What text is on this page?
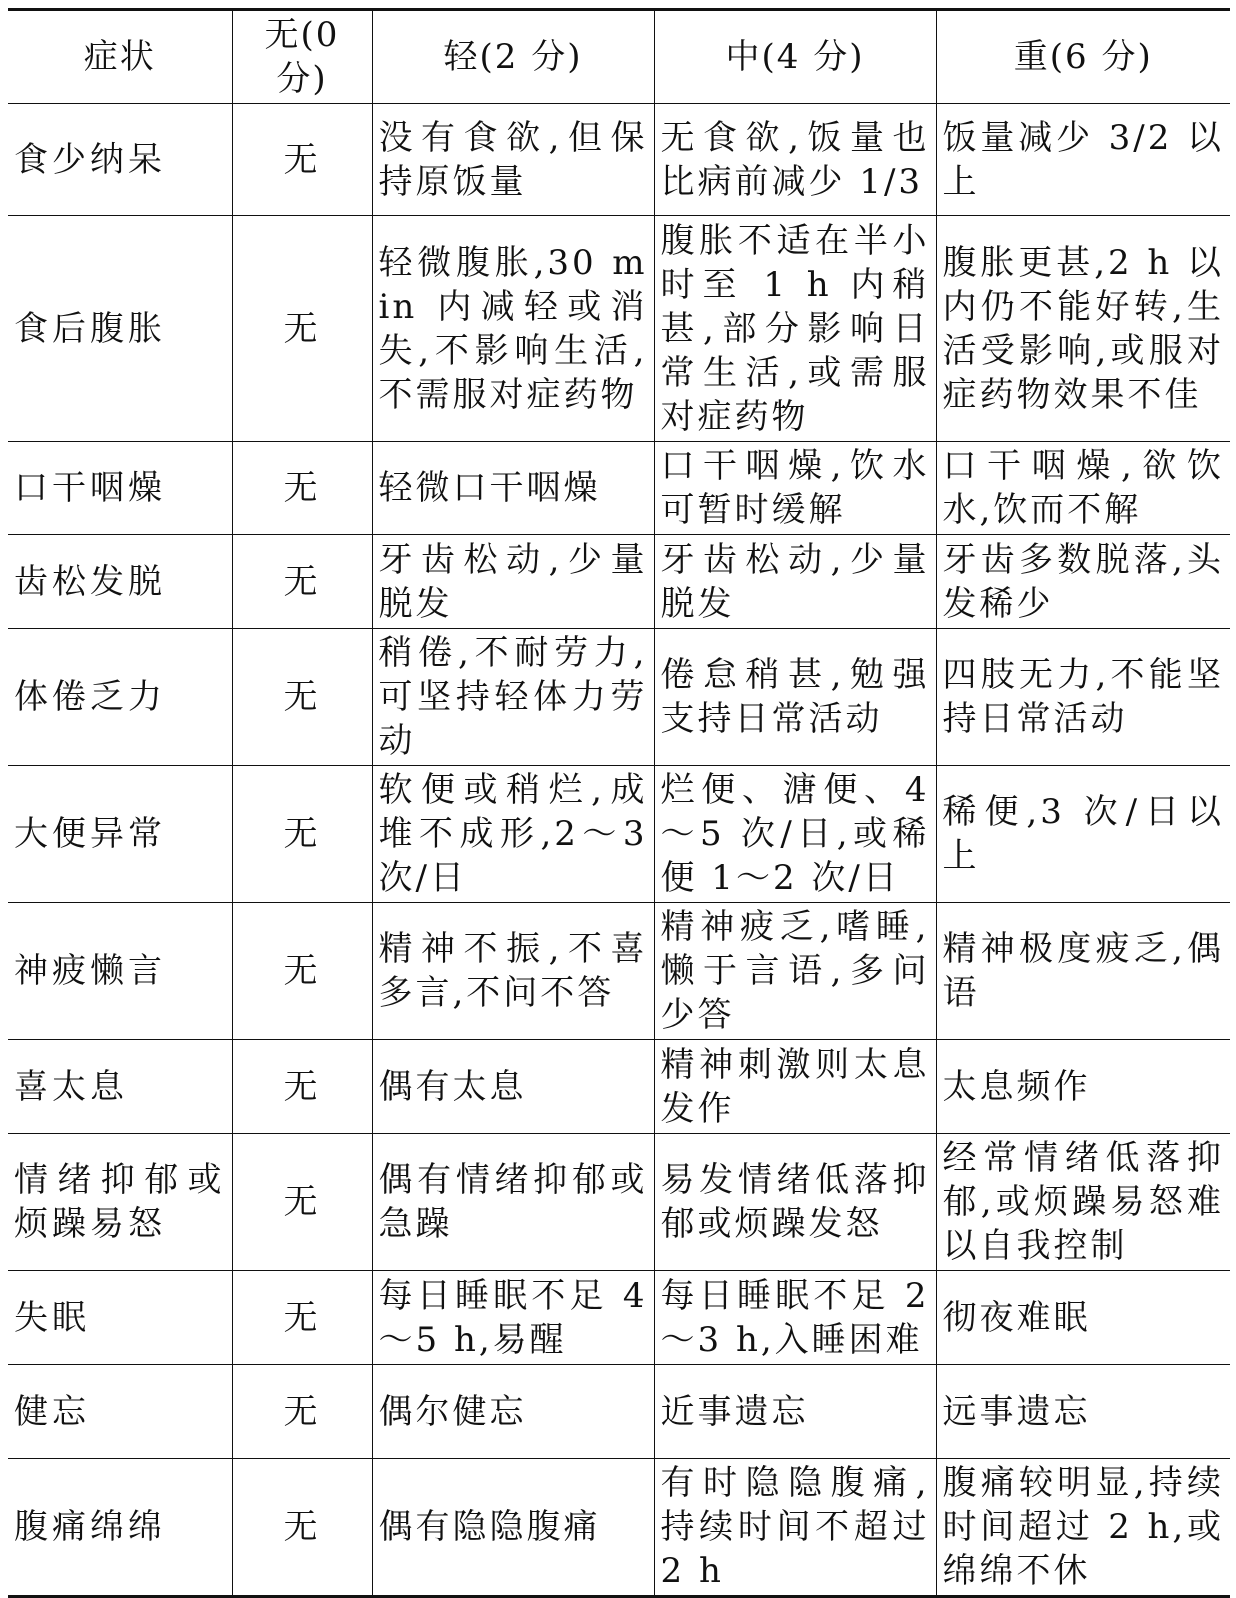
症状	无(0 分)	轻(2 分)	中(4 分)	重(6 分)
食少纳呆	无	没有食欲,但保持原饭量	无食欲,饭量也比病前减少 1/3	饭量减少 3/2 以上
食后腹胀	无	轻微腹胀,30 min 内减轻或消失,不影响生活,不需服对症药物	腹胀不适在半小时至 1 h 内稍甚,部分影响日常生活,或需服对症药物	腹胀更甚,2 h 以内仍不能好转,生活受影响,或服对症药物效果不佳
口干咽燥	无	轻微口干咽燥	口干咽燥,饮水可暂时缓解	口干咽燥,欲饮水,饮而不解
齿松发脱	无	牙齿松动,少量脱发	牙齿松动,少量脱发	牙齿多数脱落,头发稀少
体倦乏力	无	稍倦,不耐劳力,可坚持轻体力劳动	倦怠稍甚,勉强支持日常活动	四肢无力,不能坚持日常活动
大便异常	无	软便或稍烂,成堆不成形,2～3 次/日	烂便、溏便、4～5 次/日,或稀便 1～2 次/日	稀便,3 次/日以上
神疲懒言	无	精神不振,不喜多言,不问不答	精神疲乏,嗜睡,懒于言语,多问少答	精神极度疲乏,偶语
喜太息	无	偶有太息	精神刺激则太息发作	太息频作
情绪抑郁或烦躁易怒	无	偶有情绪抑郁或急躁	易发情绪低落抑郁或烦躁发怒	经常情绪低落抑郁,或烦躁易怒难以自我控制
失眠	无	每日睡眠不足 4～5 h,易醒	每日睡眠不足 2～3 h,入睡困难	彻夜难眠
健忘	无	偶尔健忘	近事遗忘	远事遗忘
腹痛绵绵	无	偶有隐隐腹痛	有时隐隐腹痛,持续时间不超过 2 h	腹痛较明显,持续时间超过 2 h,或绵绵不休
